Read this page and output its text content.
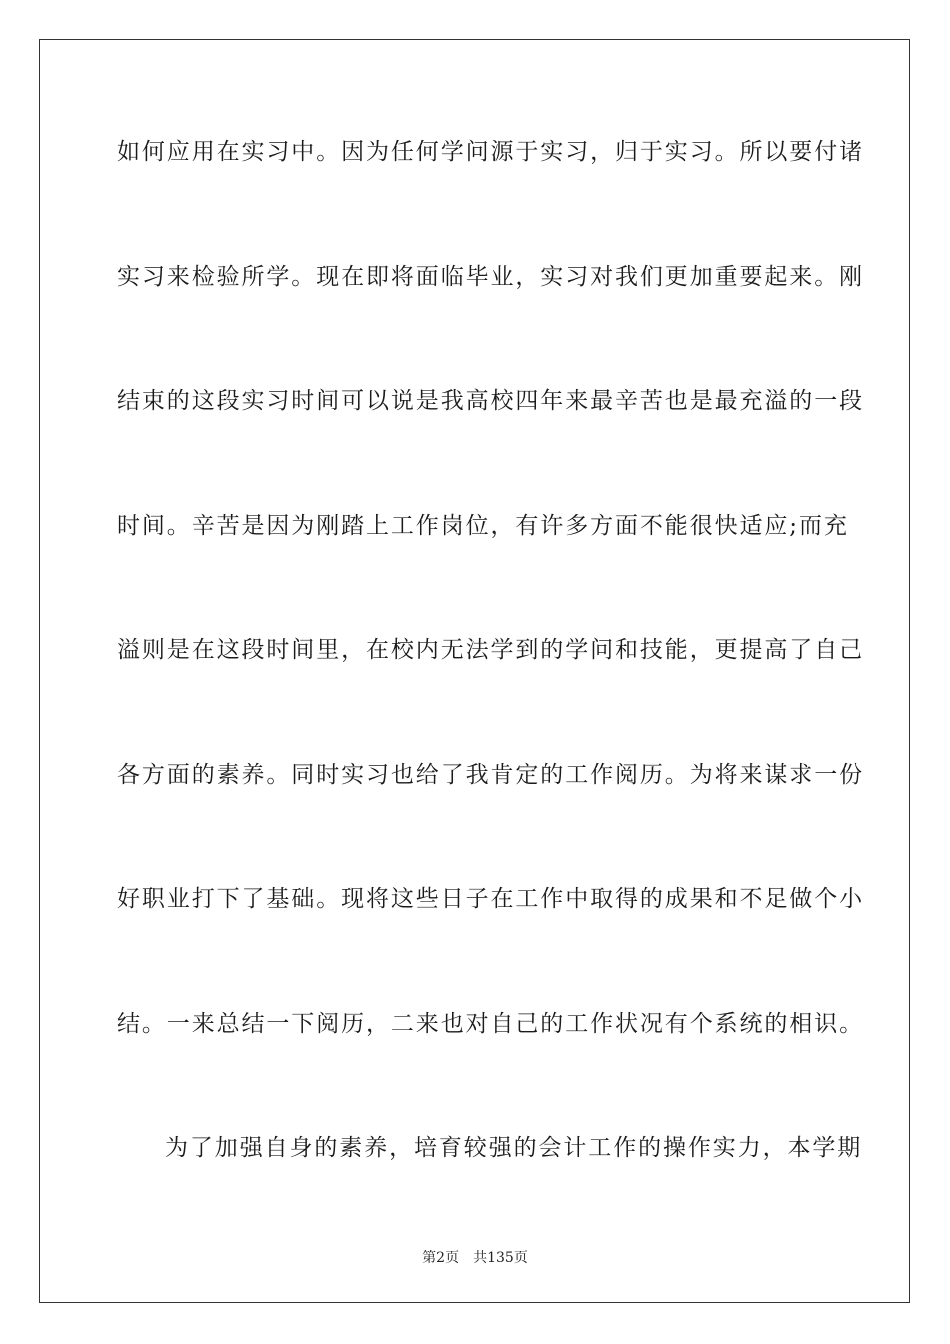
如何应用在实习中。因为任何学问源于实习，归于实习。所以要付诸
实习来检验所学。现在即将面临毕业，实习对我们更加重要起来。刚
结束的这段实习时间可以说是我高校四年来最辛苦也是最充溢的一段
时间。辛苦是因为刚踏上工作岗位，有许多方面不能很快适应;而充
溢则是在这段时间里，在校内无法学到的学问和技能，更提高了自己
各方面的素养。同时实习也给了我肯定的工作阅历。为将来谋求一份
好职业打下了基础。现将这些日子在工作中取得的成果和不足做个小
结。一来总结一下阅历，二来也对自己的工作状况有个系统的相识。
为了加强自身的素养，培育较强的会计工作的操作实力，本学期
第2页 共135页
